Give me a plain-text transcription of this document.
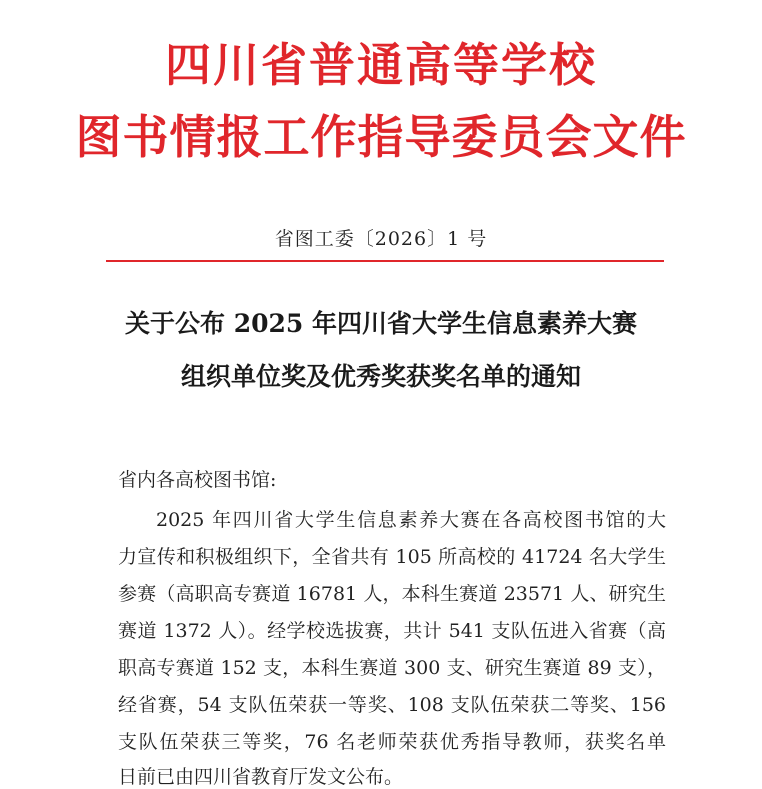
四川省普通高等学校
图书情报工作指导委员会文件
省图工委〔2026〕1 号
关于公布 2025 年四川省大学生信息素养大赛
组织单位奖及优秀奖获奖名单的通知
省内各高校图书馆:
2025 年四川省大学生信息素养大赛在各高校图书馆的大
力宣传和积极组织下，全省共有 105 所高校的 41724 名大学生
参赛（高职高专赛道 16781 人，本科生赛道 23571 人、研究生
赛道 1372 人）。经学校选拔赛，共计 541 支队伍进入省赛（高
职高专赛道 152 支，本科生赛道 300 支、研究生赛道 89 支），
经省赛，54 支队伍荣获一等奖、108 支队伍荣获二等奖、156
支队伍荣获三等奖，76 名老师荣获优秀指导教师，获奖名单
日前已由四川省教育厅发文公布。
